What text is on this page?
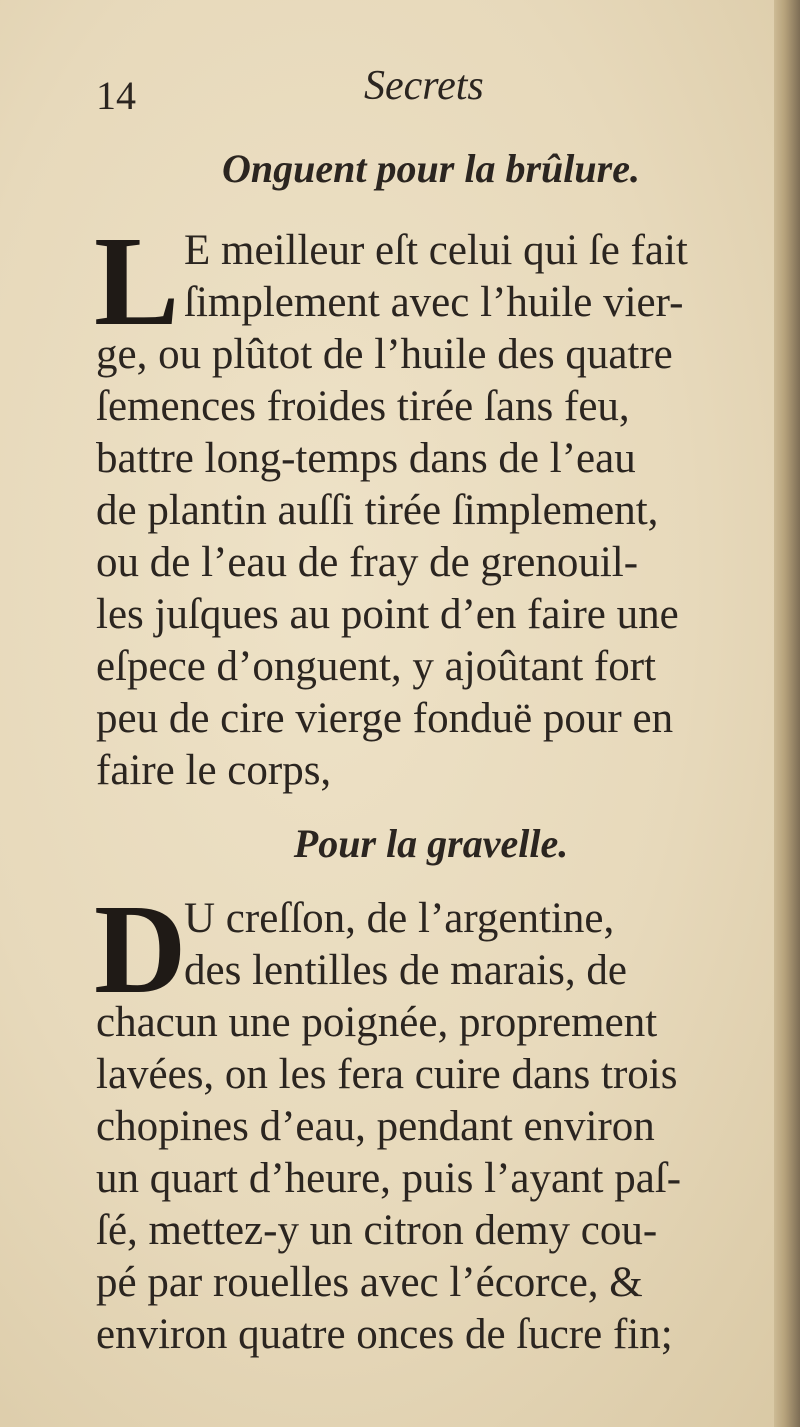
14	Secrets
Onguent pour la brûlure.
L E meilleur eſt celui qui ſe fait
ſimplement avec l’huile vier-
ge, ou plûtot de l’huile des quatre
ſemences froides tirée ſans feu,
battre long-temps dans de l’eau
de plantin auſſi tirée ſimplement,
ou de l’eau de fray de grenouil-
les juſques au point d’en faire une
eſpece d’onguent, y ajoûtant fort
peu de cire vierge fonduë pour en
faire le corps,
Pour la gravelle.
D
U creſſon, de l’argentine,
des lentilles de marais, de
chacun une poignée, proprement
lavées, on les fera cuire dans trois
chopines d’eau, pendant environ
un quart d’heure, puis l’ayant paſ-
ſé, mettez-y un citron demy cou-
pé par rouelles avec l’écorce, &
environ quatre onces de ſucre fin;
